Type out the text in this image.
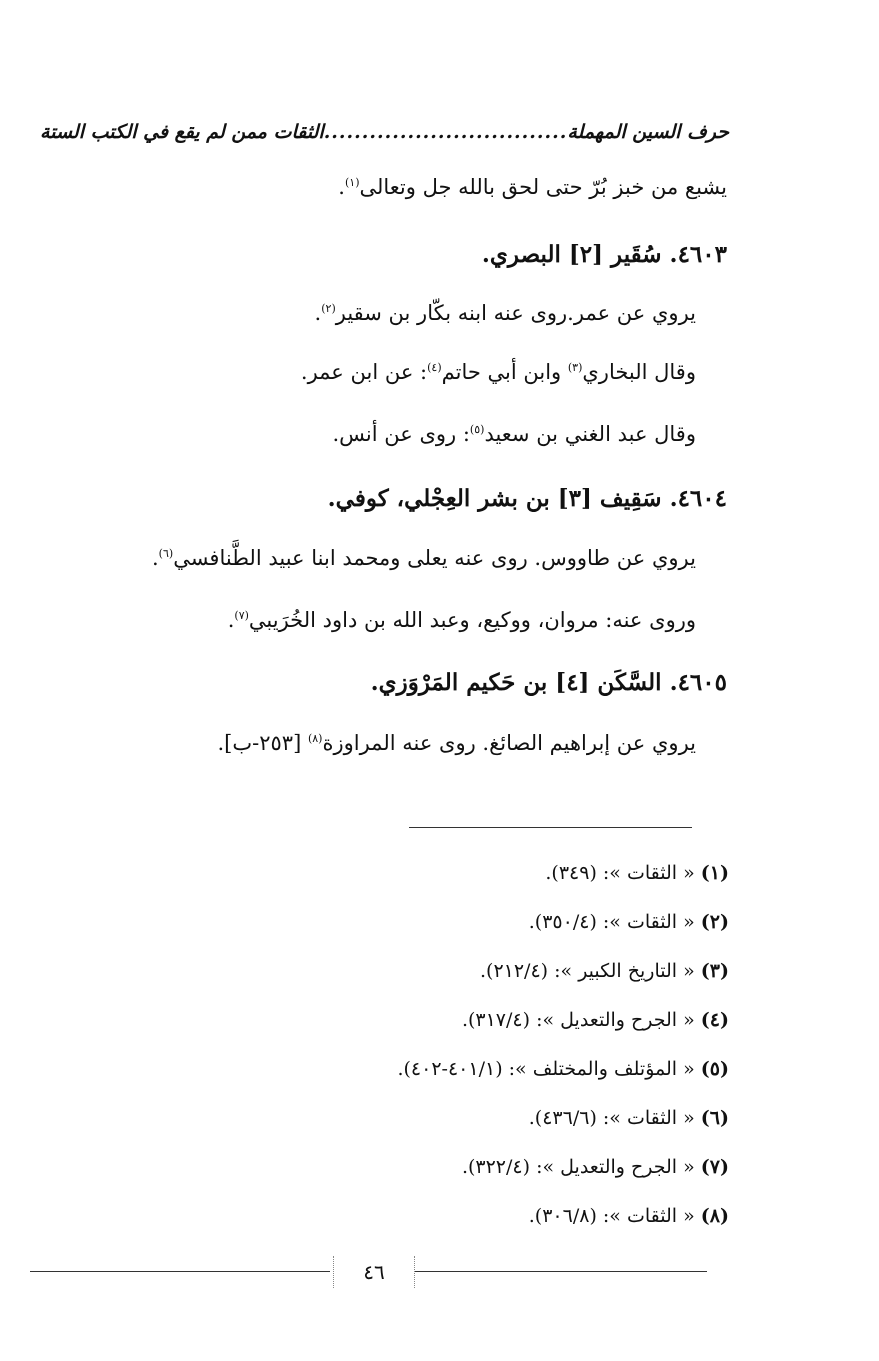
حرف السين المهملة
................................
الثقات ممن لم يقع في الكتب الستة
يشبع من خبز بُرّ حتى لحق بالله جل وتعالى$^{(١)}$.
٤٦٠٣. سُقَير [٢] البصري.
يروي عن عمر.روى عنه ابنه بكّار بن سقير$^{(٢)}$.
وقال البخاري$^{(٣)}$ وابن أبي حاتم$^{(٤)}$: عن ابن عمر.
وقال عبد الغني بن سعيد$^{(٥)}$: روى عن أنس.
٤٦٠٤. سَقِيف [٣] بن بشر العِجْلي، كوفي.
يروي عن طاووس. روى عنه يعلى ومحمد ابنا عبيد الطَّنافسي$^{(٦)}$.
وروى عنه: مروان، ووكيع، وعبد الله بن داود الخُرَيبي$^{(٧)}$.
٤٦٠٥. السَّكَن [٤] بن حَكيم المَرْوَزي.
يروي عن إبراهيم الصائغ. روى عنه المراوزة$^{(٨)}$ [٢٥٣-ب].
(١) « الثقات »: (٣٤٩).
(٢) « الثقات »: (٣٥٠/٤).
(٣) « التاريخ الكبير »: (٢١٢/٤).
(٤) « الجرح والتعديل »: (٣١٧/٤).
(٥) « المؤتلف والمختلف »: (٤٠١/١-٤٠٢).
(٦) « الثقات »: (٤٣٦/٦).
(٧) « الجرح والتعديل »: (٣٢٢/٤).
(٨) « الثقات »: (٣٠٦/٨).
٤٦
